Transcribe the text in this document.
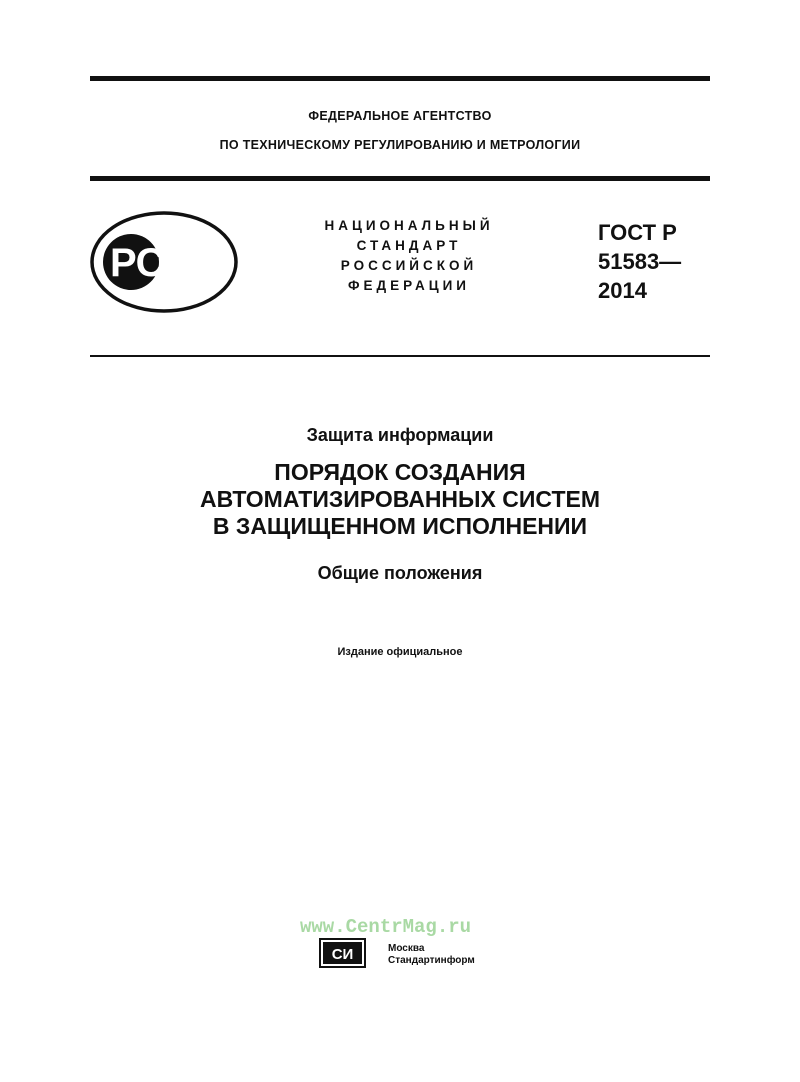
ФЕДЕРАЛЬНОЕ АГЕНТСТВО
ПО ТЕХНИЧЕСКОМУ РЕГУЛИРОВАНИЮ И МЕТРОЛОГИИ
РСТ
НАЦИОНАЛЬНЫЙ
СТАНДАРТ
РОССИЙСКОЙ
ФЕДЕРАЦИИ
ГОСТ Р
51583—
2014
Защита информации
ПОРЯДОК СОЗДАНИЯ
АВТОМАТИЗИРОВАННЫХ СИСТЕМ
В ЗАЩИЩЕННОМ ИСПОЛНЕНИИ
Общие положения
Издание официальное
www.CentrMag.ru
СИ	Москва
Стандартинформ
